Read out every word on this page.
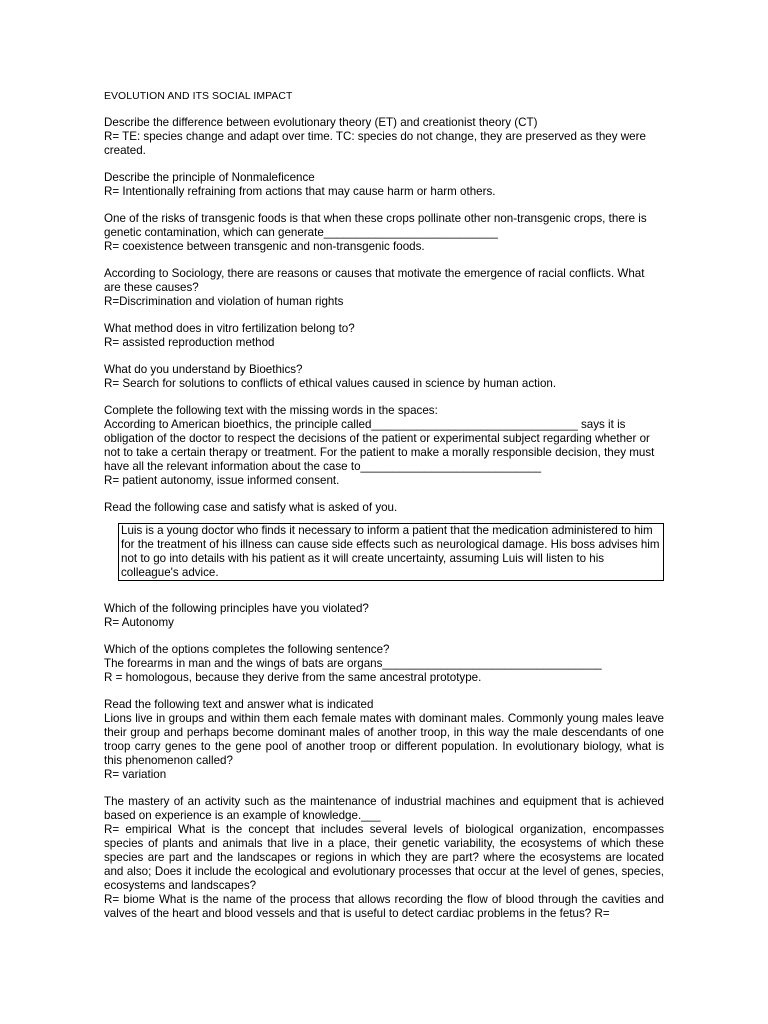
EVOLUTION AND ITS SOCIAL IMPACT

Describe the difference between evolutionary theory (ET) and creationist theory (CT)

R= TE: species change and adapt over time. TC: species do not change, they are preserved as they were created.

Describe the principle of Nonmaleficence

R= Intentionally refraining from actions that may cause harm or harm others.

One of the risks of transgenic foods is that when these crops pollinate other non-transgenic crops, there is genetic contamination, which can generate___________________________

R= coexistence between transgenic and non-transgenic foods.

According to Sociology, there are reasons or causes that motivate the emergence of racial conflicts. What are these causes?

R=Discrimination and violation of human rights

What method does in vitro fertilization belong to?

R= assisted reproduction method

What do you understand by Bioethics?

R= Search for solutions to conflicts of ethical values caused in science by human action.

Complete the following text with the missing words in the spaces:

According to American bioethics, the principle called________________________________ says it is obligation of the doctor to respect the decisions of the patient or experimental subject regarding whether or not to take a certain therapy or treatment. For the patient to make a morally responsible decision, they must have all the relevant information about the case to____________________________

R= patient autonomy, issue informed consent.

Read the following case and satisfy what is asked of you.

Luis is a young doctor who finds it necessary to inform a patient that the medication administered to him for the treatment of his illness can cause side effects such as neurological damage. His boss advises him not to go into details with his patient as it will create uncertainty, assuming Luis will listen to his colleague's advice.

Which of the following principles have you violated?

R= Autonomy

Which of the options completes the following sentence?

The forearms in man and the wings of bats are organs__________________________________

R = homologous, because they derive from the same ancestral prototype.

Read the following text and answer what is indicated

Lions live in groups and within them each female mates with dominant males. Commonly young males leave their group and perhaps become dominant males of another troop, in this way the male descendants of one troop carry genes to the gene pool of another troop or different population. In evolutionary biology, what is this phenomenon called?

R= variation

The mastery of an activity such as the maintenance of industrial machines and equipment that is achieved based on experience is an example of knowledge.___

R= empirical What is the concept that includes several levels of biological organization, encompasses species of plants and animals that live in a place, their genetic variability, the ecosystems of which these species are part and the landscapes or regions in which they are part? where the ecosystems are located and also; Does it include the ecological and evolutionary processes that occur at the level of genes, species, ecosystems and landscapes?

R= biome What is the name of the process that allows recording the flow of blood through the cavities and valves of the heart and blood vessels and that is useful to detect cardiac problems in the fetus? R=
